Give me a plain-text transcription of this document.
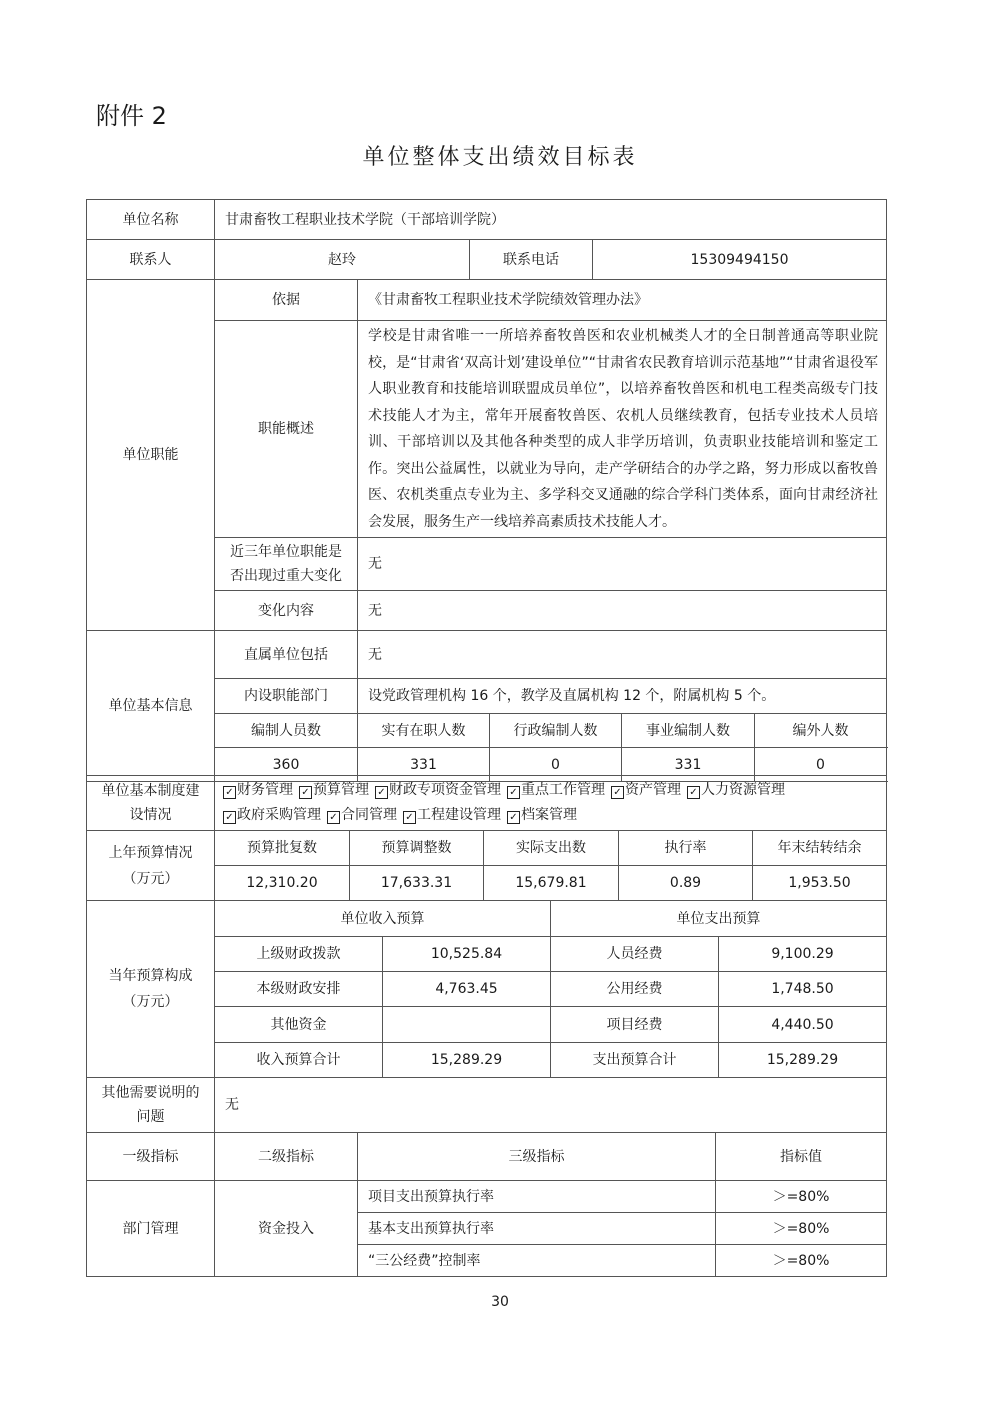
附件 2
单位整体支出绩效目标表
单位名称	甘肃畜牧工程职业技术学院（干部培训学院）						
联系人	赵玲		联系电话		15309494150		
单位职能	依据	《甘肃畜牧工程职业技术学院绩效管理办法》					
	职能概述	学校是甘肃省唯一一所培养畜牧兽医和农业机械类人才的全日制普通高等职业院校，是“甘肃省‘双高计划’建设单位”“甘肃省农民教育培训示范基地”“甘肃省退役军人职业教育和技能培训联盟成员单位”，以培养畜牧兽医和机电工程类高级专门技术技能人才为主，常年开展畜牧兽医、农机人员继续教育，包括专业技术人员培训、干部培训以及其他各种类型的成人非学历培训，负责职业技能培训和鉴定工作。突出公益属性，以就业为导向，走产学研结合的办学之路，努力形成以畜牧兽医、农机类重点专业为主、多学科交叉通融的综合学科门类体系，面向甘肃经济社会发展，服务生产一线培养高素质技术技能人才。					
	近三年单位职能是
否出现过重大变化	无					
	变化内容	无					
单位基本信息	直属单位包括	无					
	内设职能部门	设党政管理机构 16 个，教学及直属机构 12 个，附属机构 5 个。					
	编制人员数	实有在职人数		行政编制人数		事业编制人数	编外人数
	360	331		0		331	0
单位基本制度建
设情况	✓ 财务管理 ✓ 预算管理 ✓ 财政专项资金管理 ✓ 重点工作管理 ✓ 资产管理 ✓ 人力资源管理
✓ 政府采购管理 ✓ 合同管理 ✓ 工程建设管理 ✓ 档案管理				
上年预算情况
（万元）	预算批复数	预算调整数	实际支出数	执行率	年末结转结余
	12,310.20	17,633.31	15,679.81	0.89	1,953.50
当年预算构成
（万元）	单位收入预算		单位支出预算	
	上级财政拨款	10,525.84	人员经费	9,100.29
	本级财政安排	4,763.45	公用经费	1,748.50
	其他资金		项目经费	4,440.50
	收入预算合计	15,289.29	支出预算合计	15,289.29
其他需要说明的
问题	无		
一级指标	二级指标	三级指标	指标值
部门管理	资金投入	项目支出预算执行率	＞=80%
		基本支出预算执行率	＞=80%
		“三公经费”控制率	＞=80%
30
